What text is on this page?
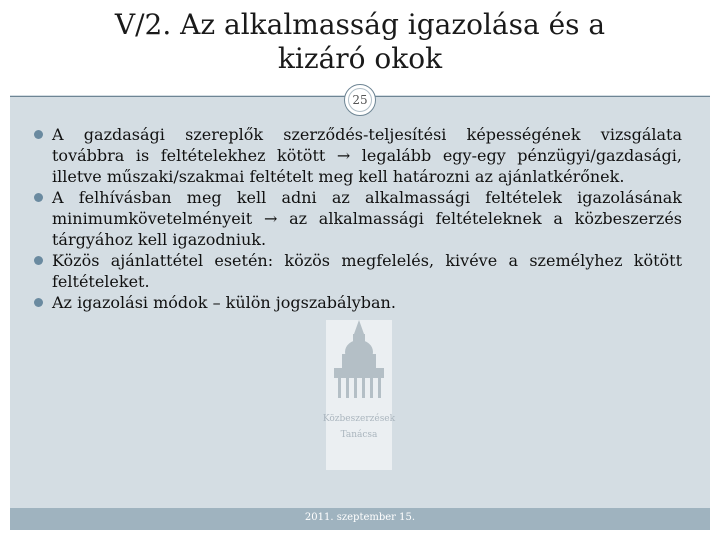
V/2. Az alkalmasság igazolása és a
kizáró okok
25
Közbeszerzések
Tanácsa
A gazdasági szereplők szerződés-teljesítési képességének vizsgálata továbbra is feltételekhez kötött → legalább egy-egy pénzügyi/gazdasági, illetve műszaki/szakmai feltételt meg kell határozni az ajánlatkérőnek.
A felhívásban meg kell adni az alkalmassági feltételek igazolásának minimumkövetelményeit → az alkalmassági feltételeknek a közbeszerzés tárgyához kell igazodniuk.
Közös ajánlattétel esetén: közös megfelelés, kivéve a személyhez kötött feltételeket.
Az igazolási módok – külön jogszabályban.
2011. szeptember 15.
